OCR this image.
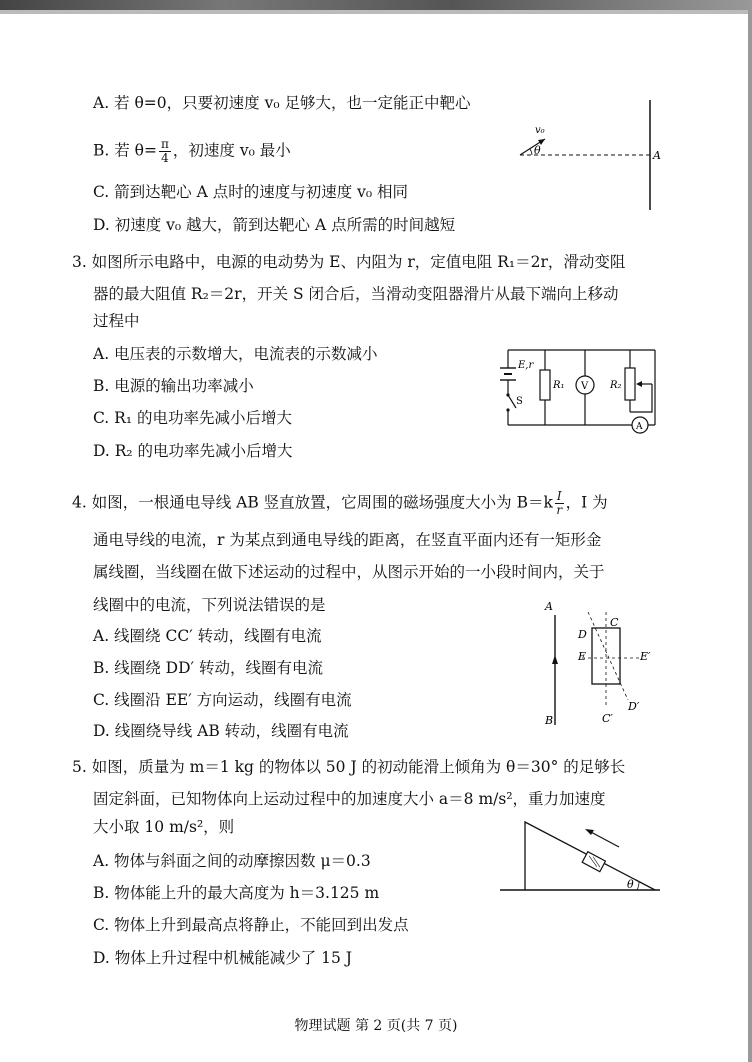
A. 若 θ=0，只要初速度 v₀ 足够大，也一定能正中靶心
B. 若 $\theta= \frac{\pi}{4}$ ，初速度 v₀ 最小
C. 箭到达靶心 A 点时的速度与初速度 v₀ 相同
D. 初速度 v₀ 越大，箭到达靶心 A 点所需的时间越短
v₀
θ	A
3. 如图所示电路中，电源的电动势为 E、内阻为 r，定值电阻 R₁＝2r，滑动变阻
器的最大阻值 R₂＝2r，开关 S 闭合后，当滑动变阻器滑片从最下端向上移动
过程中
A. 电压表的示数增大，电流表的示数减小
B. 电源的输出功率减小
C. R₁ 的电功率先减小后增大
D. R₂ 的电功率先减小后增大
E,r
S
R₁ V R₂
A
4. 如图，一根通电导线 AB 竖直放置，它周围的磁场强度大小为 $B=k \frac{I}{r}$ ，I 为
通电导线的电流，r 为某点到通电导线的距离，在竖直平面内还有一矩形金
属线圈，当线圈在做下述运动的过程中，从图示开始的一小段时间内，关于
线圈中的电流，下列说法错误的是
A. 线圈绕 CC′ 转动，线圈有电流
B. 线圈绕 DD′ 转动，线圈有电流
C. 线圈沿 EE′ 方向运动，线圈有电流
D. 线圈绕导线 AB 转动，线圈有电流
A
B
C
C′
D
D′
E	E′
5. 如图，质量为 m＝1 kg 的物体以 50 J 的初动能滑上倾角为 θ＝30° 的足够长
固定斜面，已知物体向上运动过程中的加速度大小 a＝8 m/s²，重力加速度
大小取 10 m/s²，则
A. 物体与斜面之间的动摩擦因数 μ＝0.3
B. 物体能上升的最大高度为 h＝3.125 m
C. 物体上升到最高点将静止，不能回到出发点
D. 物体上升过程中机械能减少了 15 J
θ
物理试题 第 2 页(共 7 页)
